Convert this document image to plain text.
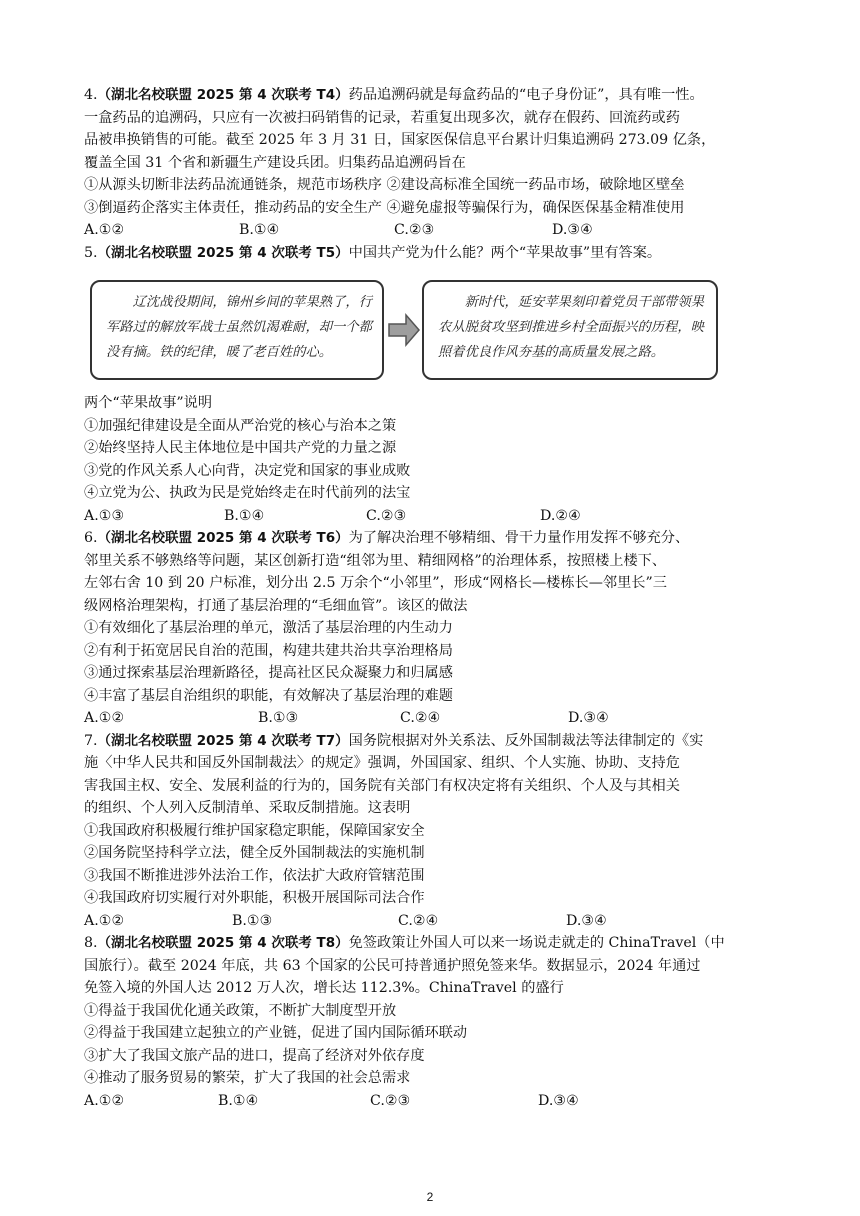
4.（湖北名校联盟 2025 第 4 次联考 T4）药品追溯码就是每盒药品的“电子身份证”，具有唯一性。
一盒药品的追溯码，只应有一次被扫码销售的记录，若重复出现多次，就存在假药、回流药或药
品被串换销售的可能。截至 2025 年 3 月 31 日，国家医保信息平台累计归集追溯码 273.09 亿条，
覆盖全国 31 个省和新疆生产建设兵团。归集药品追溯码旨在
①从源头切断非法药品流通链条，规范市场秩序 ②建设高标准全国统一药品市场，破除地区壁垒
③倒逼药企落实主体责任，推动药品的安全生产 ④避免虚报等骗保行为，确保医保基金精准使用
A.①②	B.①④	C.②③	D.③④
5.（湖北名校联盟 2025 第 4 次联考 T5）中国共产党为什么能？两个“苹果故事”里有答案。
辽沈战役期间，锦州乡间的苹果熟了，行军路过的解放军战士虽然饥渴难耐，却一个都没有摘。铁的纪律，暖了老百姓的心。
新时代，延安苹果刻印着党员干部带领果农从脱贫攻坚到推进乡村全面振兴的历程，映照着优良作风夯基的高质量发展之路。
两个“苹果故事”说明
①加强纪律建设是全面从严治党的核心与治本之策
②始终坚持人民主体地位是中国共产党的力量之源
③党的作风关系人心向背，决定党和国家的事业成败
④立党为公、执政为民是党始终走在时代前列的法宝
A.①③	B.①④	C.②③	D.②④
6.（湖北名校联盟 2025 第 4 次联考 T6）为了解决治理不够精细、骨干力量作用发挥不够充分、
邻里关系不够熟络等问题，某区创新打造“组邻为里、精细网格”的治理体系，按照楼上楼下、
左邻右舍 10 到 20 户标准，划分出 2.5 万余个“小邻里”，形成“网格长—楼栋长—邻里长”三
级网格治理架构，打通了基层治理的“毛细血管”。该区的做法
①有效细化了基层治理的单元，激活了基层治理的内生动力
②有利于拓宽居民自治的范围，构建共建共治共享治理格局
③通过探索基层治理新路径，提高社区民众凝聚力和归属感
④丰富了基层自治组织的职能，有效解决了基层治理的难题
A.①②	B.①③	C.②④	D.③④
7.（湖北名校联盟 2025 第 4 次联考 T7）国务院根据对外关系法、反外国制裁法等法律制定的《实
施〈中华人民共和国反外国制裁法〉的规定》强调，外国国家、组织、个人实施、协助、支持危
害我国主权、安全、发展利益的行为的，国务院有关部门有权决定将有关组织、个人及与其相关
的组织、个人列入反制清单、采取反制措施。这表明
①我国政府积极履行维护国家稳定职能，保障国家安全
②国务院坚持科学立法，健全反外国制裁法的实施机制
③我国不断推进涉外法治工作，依法扩大政府管辖范围
④我国政府切实履行对外职能，积极开展国际司法合作
A.①②	B.①③	C.②④	D.③④
8.（湖北名校联盟 2025 第 4 次联考 T8）免签政策让外国人可以来一场说走就走的 ChinaTravel（中
国旅行）。截至 2024 年底，共 63 个国家的公民可持普通护照免签来华。数据显示，2024 年通过
免签入境的外国人达 2012 万人次，增长达 112.3%。ChinaTravel 的盛行
①得益于我国优化通关政策，不断扩大制度型开放
②得益于我国建立起独立的产业链，促进了国内国际循环联动
③扩大了我国文旅产品的进口，提高了经济对外依存度
④推动了服务贸易的繁荣，扩大了我国的社会总需求
A.①②	B.①④	C.②③	D.③④
2
